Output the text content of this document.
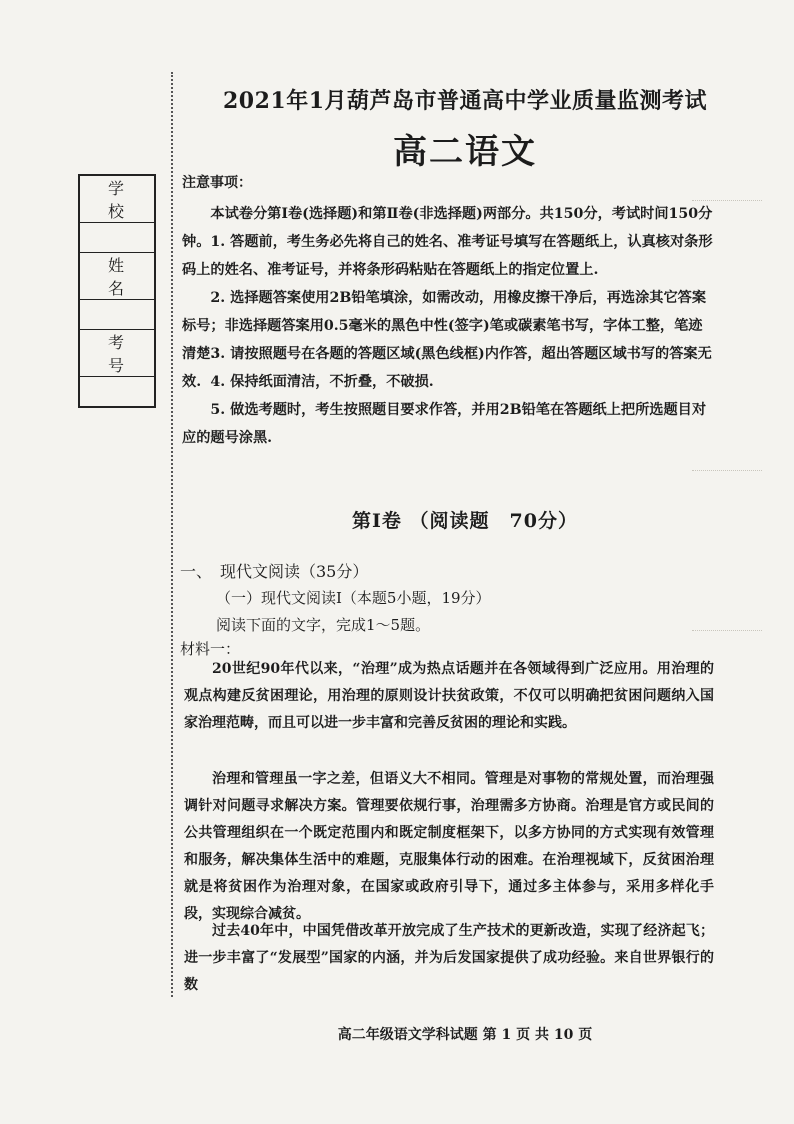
学 校

姓 名

考 号

2021年1月葫芦岛市普通高中学业质量监测考试
高二语文
注意事项：
本试卷分第Ⅰ卷(选择题)和第Ⅱ卷(非选择题)两部分。共150分，考试时间150分钟。 1. 答题前，考生务必先将自己的姓名、准考证号填写在答题纸上，认真核对条形码上的姓名、准考证号，并将条形码粘贴在答题纸上的指定位置上.
2. 选择题答案使用2B铅笔填涂，如需改动，用橡皮擦干净后，再选涂其它答案标号；非选择题答案用0.5毫米的黑色中性(签字)笔或碳素笔书写，字体工整，笔迹清楚.
3. 请按照题号在各题的答题区域(黑色线框)内作答，超出答题区域书写的答案无效. 4. 保持纸面清洁，不折叠，不破损.
5. 做选考题时，考生按照题目要求作答，并用2B铅笔在答题纸上把所选题目对应的题号涂黑.
第Ⅰ卷 （阅读题　70分）
一、　现代文阅读（35分）
（一）现代文阅读Ⅰ（本题5小题，19分）
阅读下面的文字，完成1～5题。
材料一：
20世纪90年代以来，“治理”成为热点话题并在各领域得到广泛应用。用治理的观点构建反贫困理论，用治理的原则设计扶贫政策，不仅可以明确把贫困问题纳入国家治理范畴，而且可以进一步丰富和完善反贫困的理论和实践。
治理和管理虽一字之差，但语义大不相同。管理是对事物的常规处置，而治理强调针对问题寻求解决方案。管理要依规行事，治理需多方协商。治理是官方或民间的公共管理组织在一个既定范围内和既定制度框架下，以多方协同的方式实现有效管理和服务，解决集体生活中的难题，克服集体行动的困难。在治理视域下，反贫困治理就是将贫困作为治理对象，在国家或政府引导下，通过多主体参与，采用多样化手段，实现综合减贫。
过去40年中，中国凭借改革开放完成了生产技术的更新改造，实现了经济起飞；进一步丰富了“发展型”国家的内涵，并为后发国家提供了成功经验。来自世界银行的数
高二年级语文学科试题 第 1 页 共 10 页
